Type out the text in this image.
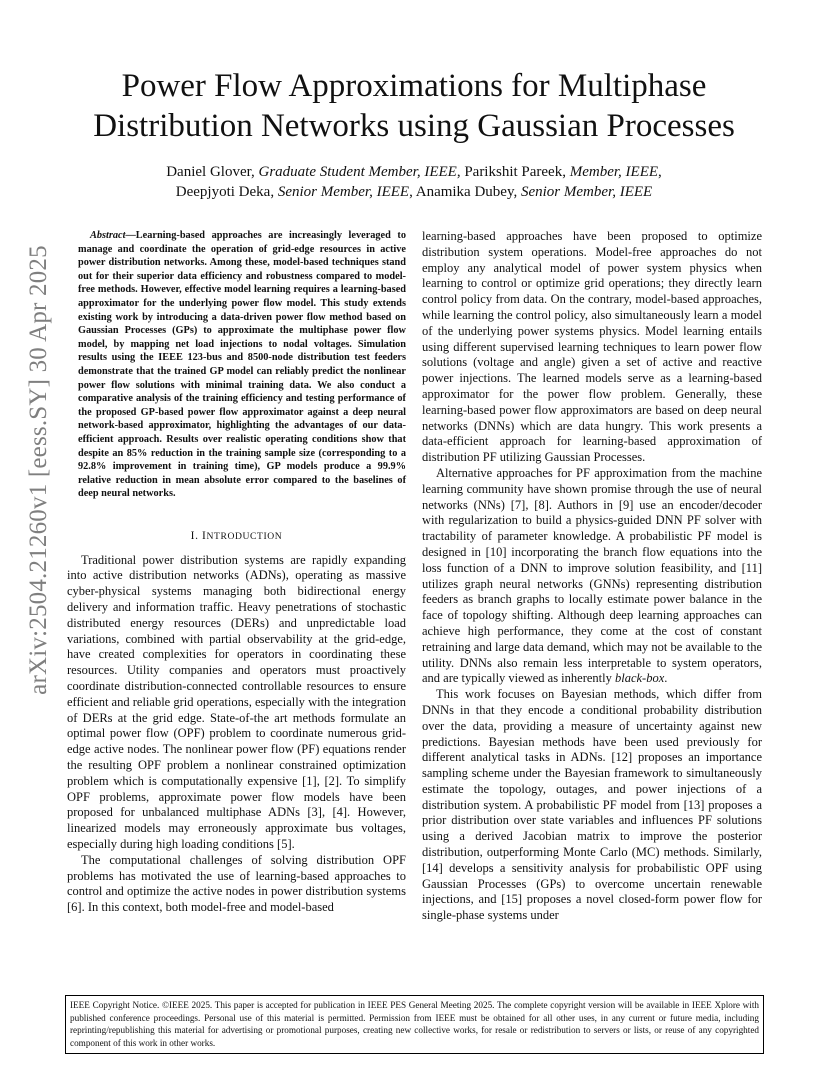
arXiv:2504.21260v1 [eess.SY] 30 Apr 2025
Power Flow Approximations for Multiphase
Distribution Networks using Gaussian Processes
Daniel Glover, Graduate Student Member, IEEE, Parikshit Pareek, Member, IEEE,
Deepjyoti Deka, Senior Member, IEEE, Anamika Dubey, Senior Member, IEEE

Abstract—Learning-based approaches are increasingly leveraged to manage and coordinate the operation of grid-edge resources in active power distribution networks. Among these, model-based techniques stand out for their superior data efficiency and robustness compared to model-free methods. However, effective model learning requires a learning-based approximator for the underlying power flow model. This study extends existing work by introducing a data-driven power flow method based on Gaussian Processes (GPs) to approximate the multiphase power flow model, by mapping net load injections to nodal voltages. Simulation results using the IEEE 123-bus and 8500-node distribution test feeders demonstrate that the trained GP model can reliably predict the nonlinear power flow solutions with minimal training data. We also conduct a comparative analysis of the training efficiency and testing performance of the proposed GP-based power flow approximator against a deep neural network-based approximator, highlighting the advantages of our data-efficient approach. Results over realistic operating conditions show that despite an 85% reduction in the training sample size (corresponding to a 92.8% improvement in training time), GP models produce a 99.9% relative reduction in mean absolute error compared to the baselines of deep neural networks.

I. INTRODUCTION

Traditional power distribution systems are rapidly expanding into active distribution networks (ADNs), operating as massive cyber-physical systems managing both bidirectional energy delivery and information traffic. Heavy penetrations of stochastic distributed energy resources (DERs) and unpredictable load variations, combined with partial observability at the grid-edge, have created complexities for operators in coordinating these resources. Utility companies and operators must proactively coordinate distribution-connected controllable resources to ensure efficient and reliable grid operations, especially with the integration of DERs at the grid edge. State-of-the art methods formulate an optimal power flow (OPF) problem to coordinate numerous grid-edge active nodes. The nonlinear power flow (PF) equations render the resulting OPF problem a nonlinear constrained optimization problem which is computationally expensive [1], [2]. To simplify OPF problems, approximate power flow models have been proposed for unbalanced multiphase ADNs [3], [4]. However, linearized models may erroneously approximate bus voltages, especially during high loading conditions [5].

The computational challenges of solving distribution OPF problems has motivated the use of learning-based approaches to control and optimize the active nodes in power distribution systems [6]. In this context, both model-free and model-based

learning-based approaches have been proposed to optimize distribution system operations. Model-free approaches do not employ any analytical model of power system physics when learning to control or optimize grid operations; they directly learn control policy from data. On the contrary, model-based approaches, while learning the control policy, also simultaneously learn a model of the underlying power systems physics. Model learning entails using different supervised learning techniques to learn power flow solutions (voltage and angle) given a set of active and reactive power injections. The learned models serve as a learning-based approximator for the power flow problem. Generally, these learning-based power flow approximators are based on deep neural networks (DNNs) which are data hungry. This work presents a data-efficient approach for learning-based approximation of distribution PF utilizing Gaussian Processes.

Alternative approaches for PF approximation from the machine learning community have shown promise through the use of neural networks (NNs) [7], [8]. Authors in [9] use an encoder/decoder with regularization to build a physics-guided DNN PF solver with tractability of parameter knowledge. A probabilistic PF model is designed in [10] incorporating the branch flow equations into the loss function of a DNN to improve solution feasibility, and [11] utilizes graph neural networks (GNNs) representing distribution feeders as branch graphs to locally estimate power balance in the face of topology shifting. Although deep learning approaches can achieve high performance, they come at the cost of constant retraining and large data demand, which may not be available to the utility. DNNs also remain less interpretable to system operators, and are typically viewed as inherently black-box.

This work focuses on Bayesian methods, which differ from DNNs in that they encode a conditional probability distribution over the data, providing a measure of uncertainty against new predictions. Bayesian methods have been used previously for different analytical tasks in ADNs. [12] proposes an importance sampling scheme under the Bayesian framework to simultaneously estimate the topology, outages, and power injections of a distribution system. A probabilistic PF model from [13] proposes a prior distribution over state variables and influences PF solutions using a derived Jacobian matrix to improve the posterior distribution, outperforming Monte Carlo (MC) methods. Similarly, [14] develops a sensitivity analysis for probabilistic OPF using Gaussian Processes (GPs) to overcome uncertain renewable injections, and [15] proposes a novel closed-form power flow for single-phase systems under

IEEE Copyright Notice. ©IEEE 2025. This paper is accepted for publication in IEEE PES General Meeting 2025. The complete copyright version will be available in IEEE Xplore with published conference proceedings. Personal use of this material is permitted. Permission from IEEE must be obtained for all other uses, in any current or future media, including reprinting/republishing this material for advertising or promotional purposes, creating new collective works, for resale or redistribution to servers or lists, or reuse of any copyrighted component of this work in other works.
